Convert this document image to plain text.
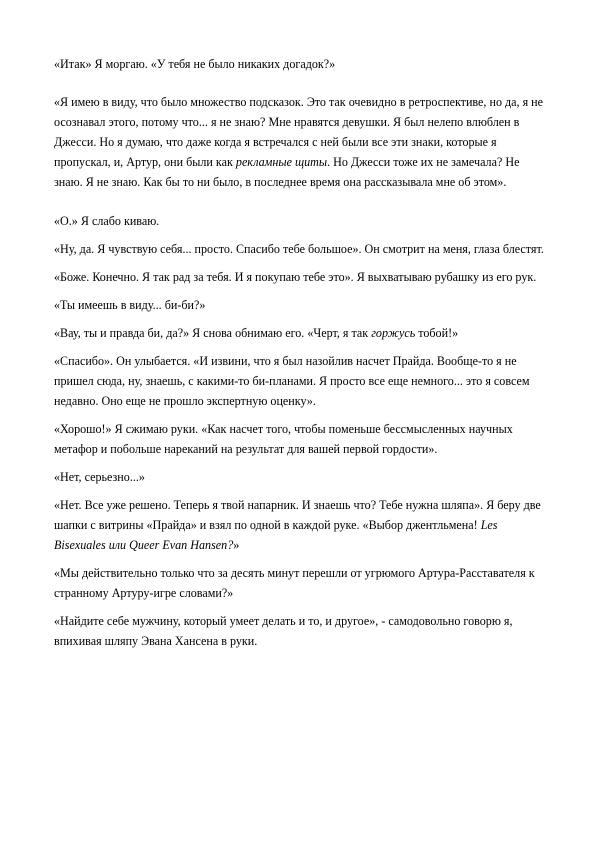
«Итак» Я моргаю. «У тебя не было никаких догадок?»

«Я имею в виду, что было множество подсказок. Это так очевидно в ретроспективе, но да, я не осознавал этого, потому что... я не знаю? Мне нравятся девушки. Я был нелепо влюблен в Джесси. Но я думаю, что даже когда я встречался с ней были все эти знаки, которые я пропускал, и, Артур, они были как рекламные щиты. Но Джесси тоже их не замечала? Не знаю. Я не знаю. Как бы то ни было, в последнее время она рассказывала мне об этом».

«О.» Я слабо киваю.

«Ну, да. Я чувствую себя... просто. Спасибо тебе большое». Он смотрит на меня, глаза блестят.

«Боже. Конечно. Я так рад за тебя. И я покупаю тебе это». Я выхватываю рубашку из его рук.

«Ты имеешь в виду... би-би?»

«Вау, ты и правда би, да?» Я снова обнимаю его. «Черт, я так горжусь тобой!»

«Спасибо». Он улыбается. «И извини, что я был назойлив насчет Прайда. Вообще-то я не пришел сюда, ну, знаешь, с какими-то би-планами. Я просто все еще немного... это я совсем недавно. Оно еще не прошло экспертную оценку».

«Хорошо!» Я сжимаю руки. «Как насчет того, чтобы поменьше бессмысленных научных метафор и побольше нареканий на результат для вашей первой гордости».

«Нет, серьезно...»

«Нет. Все уже решено. Теперь я твой напарник. И знаешь что? Тебе нужна шляпа». Я беру две шапки с витрины «Прайда» и взял по одной в каждой руке. «Выбор джентльмена! Les Bisexuales или Queer Evan Hansen?»

«Мы действительно только что за десять минут перешли от угрюмого Артура-Расставателя к странному Артуру-игре словами?»

«Найдите себе мужчину, который умеет делать и то, и другое», - самодовольно говорю я, впихивая шляпу Эвана Хансена в руки.
